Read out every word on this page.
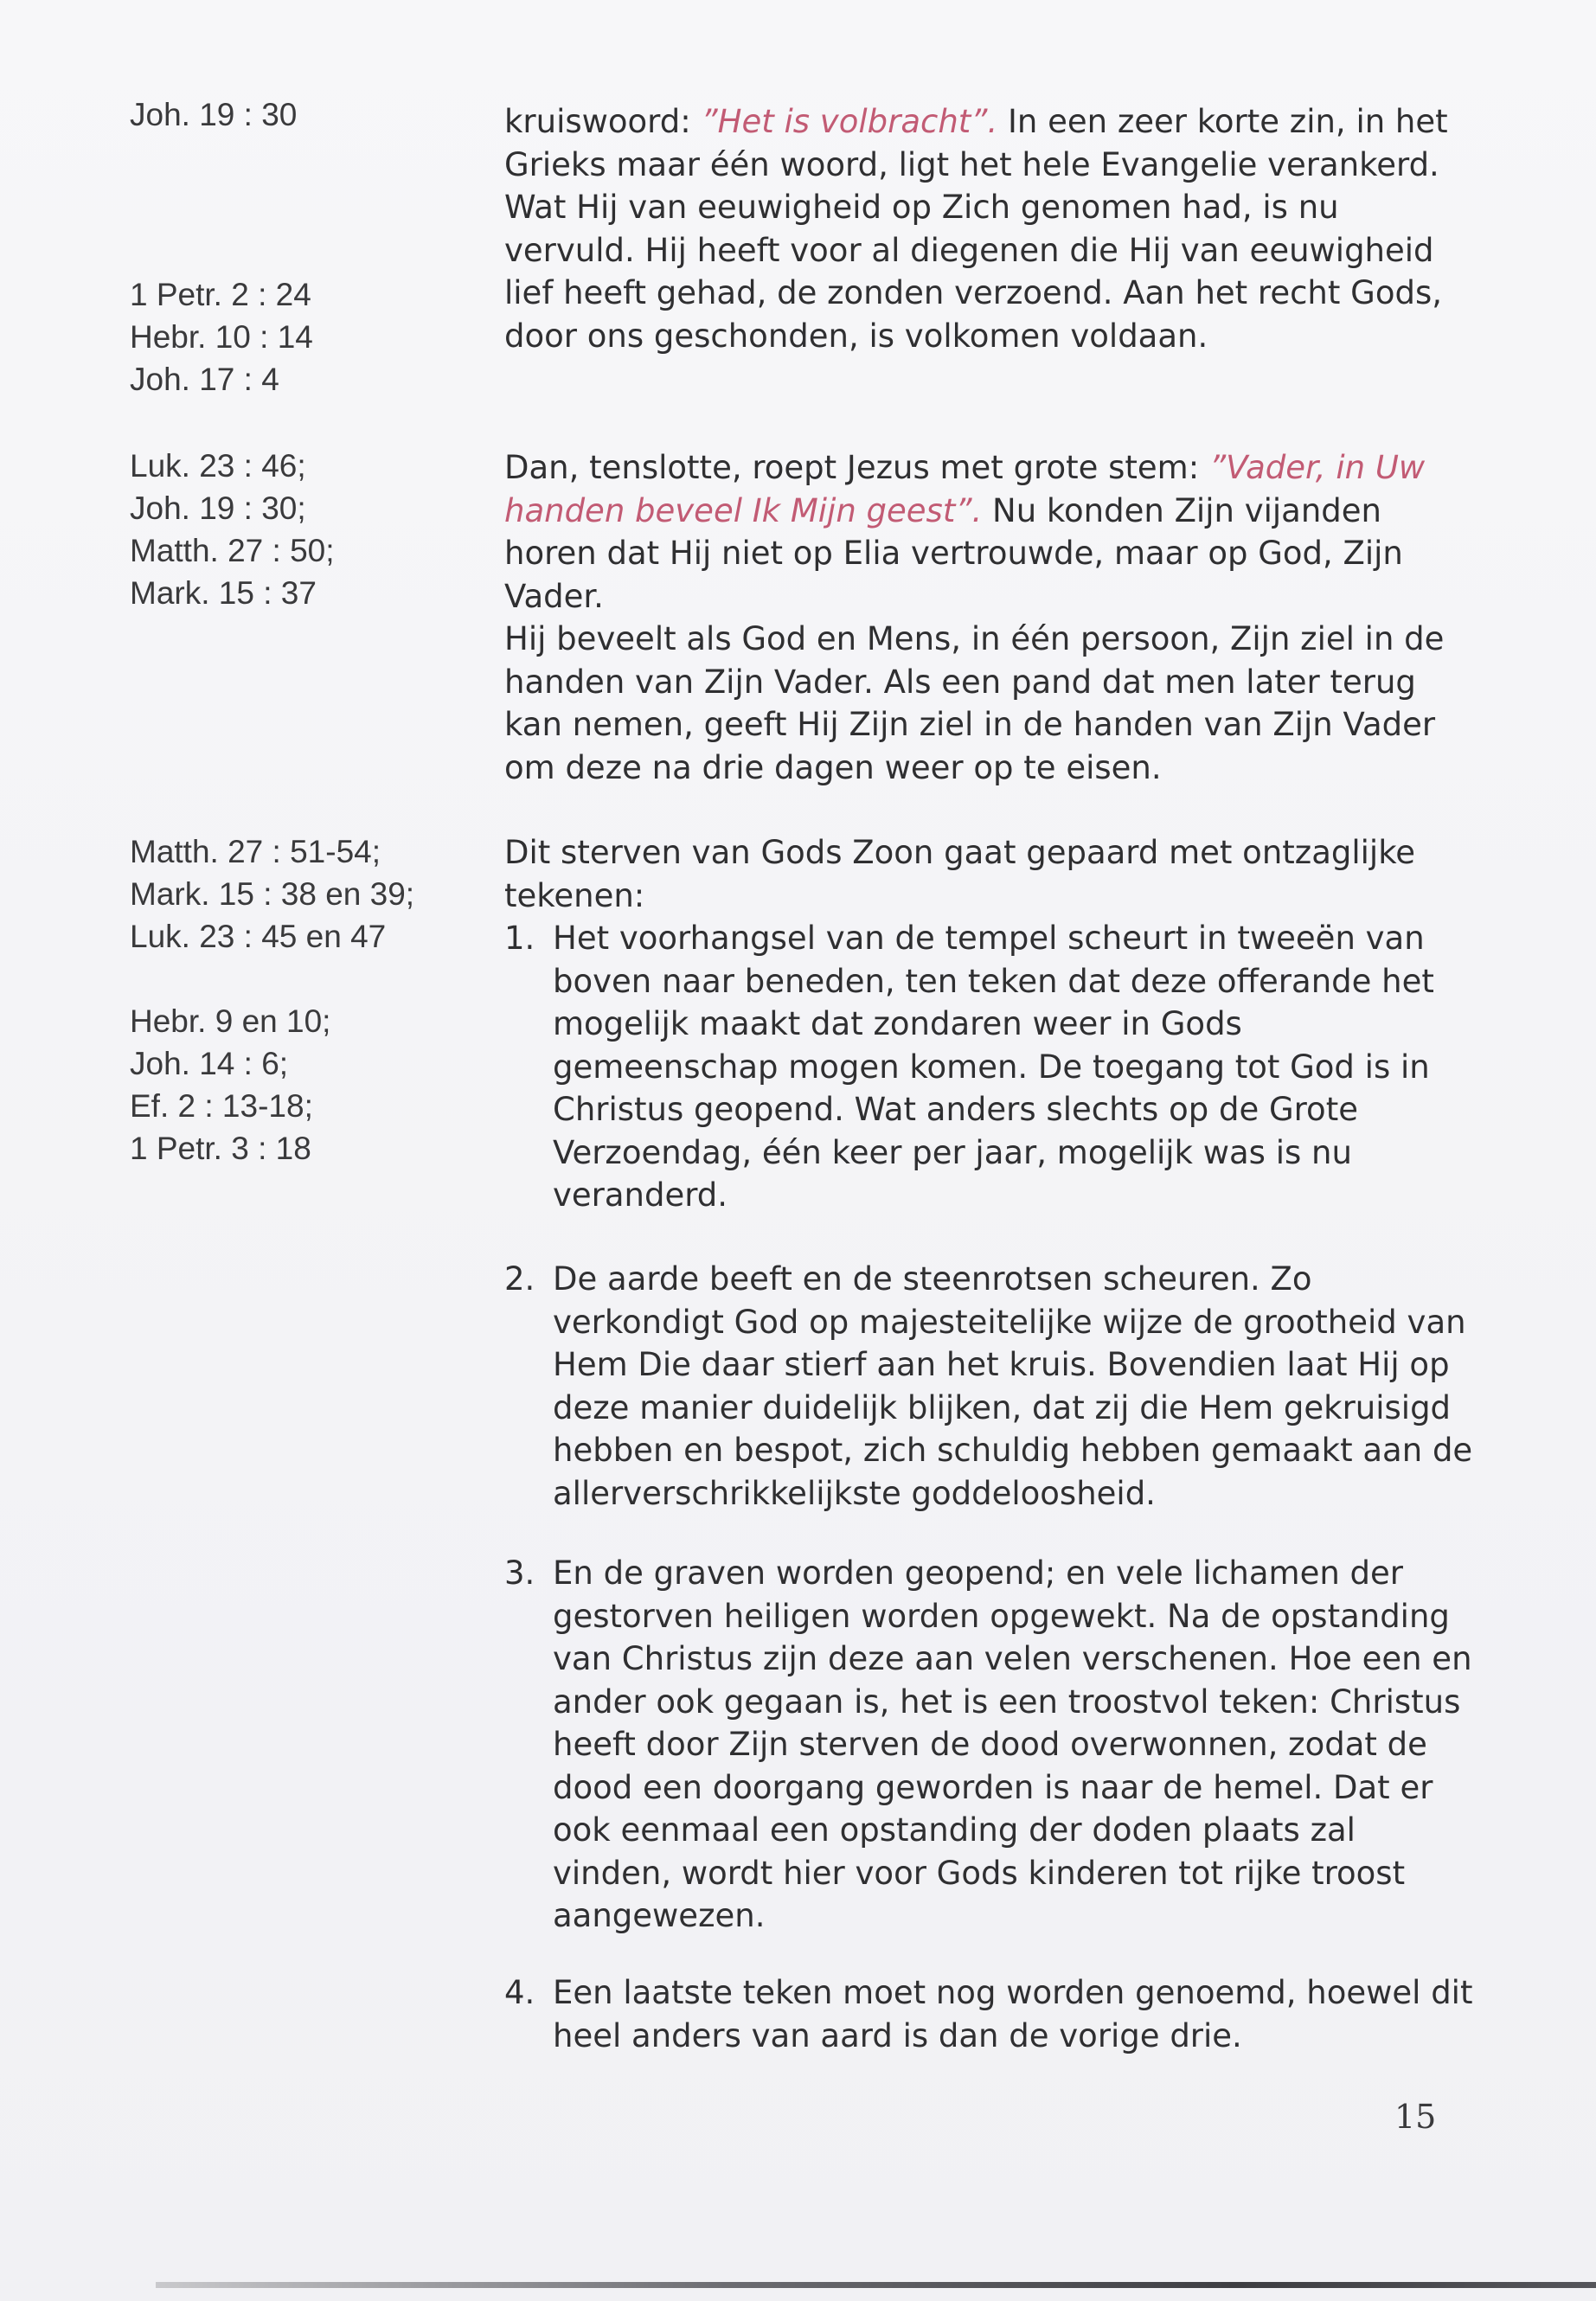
Joh. 19 : 30
1 Petr. 2 : 24
Hebr. 10 : 14
Joh. 17 : 4
Luk. 23 : 46;
Joh. 19 : 30;
Matth. 27 : 50;
Mark. 15 : 37
Matth. 27 : 51-54;
Mark. 15 : 38 en 39;
Luk. 23 : 45 en 47
Hebr. 9 en 10;
Joh. 14 : 6;
Ef. 2 : 13-18;
1 Petr. 3 : 18
kruiswoord: ”Het is volbracht”. In een zeer korte zin, in het Grieks maar één woord, ligt het hele Evangelie verankerd. Wat Hij van eeuwigheid op Zich genomen had, is nu vervuld. Hij heeft voor al diegenen die Hij van eeuwigheid lief heeft gehad, de zonden verzoend. Aan het recht Gods, door ons geschonden, is volkomen voldaan.
Dan, tenslotte, roept Jezus met grote stem: ”Vader, in Uw handen beveel Ik Mijn geest”. Nu konden Zijn vijanden horen dat Hij niet op Elia vertrouwde, maar op God, Zijn Vader.
Hij beveelt als God en Mens, in één persoon, Zijn ziel in de handen van Zijn Vader. Als een pand dat men later terug kan nemen, geeft Hij Zijn ziel in de handen van Zijn Vader om deze na drie dagen weer op te eisen.
Dit sterven van Gods Zoon gaat gepaard met ontzaglijke tekenen:
1. Het voorhangsel van de tempel scheurt in tweeën van boven naar beneden, ten teken dat deze offerande het mogelijk maakt dat zondaren weer in Gods gemeenschap mogen komen. De toegang tot God is in Christus geopend. Wat anders slechts op de Grote Verzoendag, één keer per jaar, mogelijk was is nu veranderd.
2. De aarde beeft en de steenrotsen scheuren. Zo verkondigt God op majesteitelijke wijze de grootheid van Hem Die daar stierf aan het kruis. Bovendien laat Hij op deze manier duidelijk blijken, dat zij die Hem gekruisigd hebben en bespot, zich schuldig hebben gemaakt aan de allerverschrikkelijkste goddeloosheid.
3. En de graven worden geopend; en vele lichamen der gestorven heiligen worden opgewekt. Na de opstanding van Christus zijn deze aan velen verschenen. Hoe een en ander ook gegaan is, het is een troostvol teken: Christus heeft door Zijn sterven de dood overwonnen, zodat de dood een doorgang geworden is naar de hemel. Dat er ook eenmaal een opstanding der doden plaats zal vinden, wordt hier voor Gods kinderen tot rijke troost aangewezen.
4. Een laatste teken moet nog worden genoemd, hoewel dit heel anders van aard is dan de vorige drie.
15
